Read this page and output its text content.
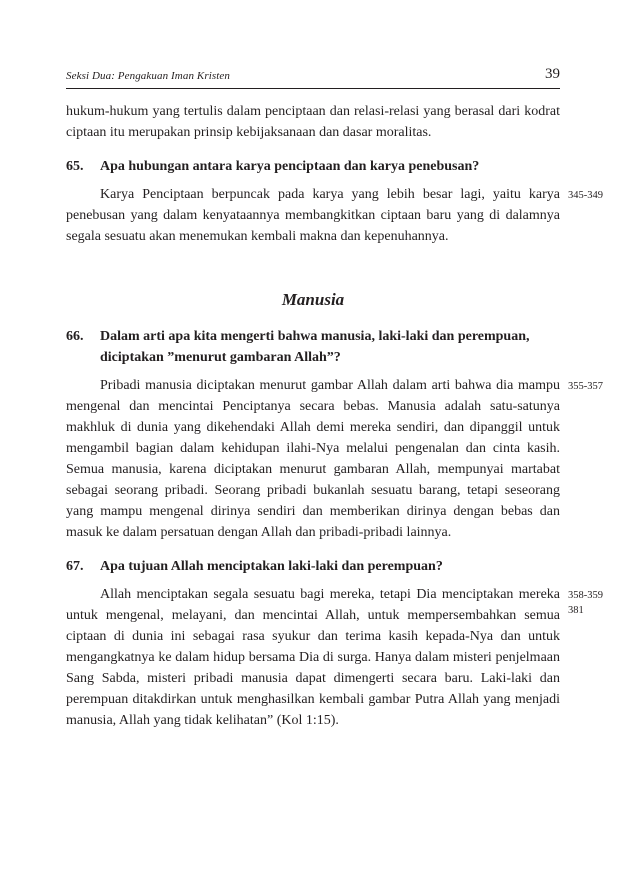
Seksi Dua: Pengakuan Iman Kristen	39

hukum-hukum yang tertulis dalam penciptaan dan relasi-relasi yang berasal dari kodrat ciptaan itu merupakan prinsip kebijaksanaan dan dasar moralitas.

65. Apa hubungan antara karya penciptaan dan karya penebusan?

Karya Penciptaan berpuncak pada karya yang lebih besar lagi, yaitu karya penebusan yang dalam kenyataannya membangkitkan ciptaan baru yang di dalamnya segala sesuatu akan menemukan kembali makna dan kepenuhannya.

345-349
Manusia
66. Dalam arti apa kita mengerti bahwa manusia, laki-laki dan perempuan, diciptakan ”menurut gambaran Allah”?

Pribadi manusia diciptakan menurut gambar Allah dalam arti bahwa dia mampu mengenal dan mencintai Penciptanya secara bebas. Manusia adalah satu-satunya makhluk di dunia yang dikehendaki Allah demi mereka sendiri, dan dipanggil untuk mengambil bagian dalam kehidupan ilahi-Nya melalui pengenalan dan cinta kasih. Semua manusia, karena diciptakan menurut gambaran Allah, mempunyai martabat sebagai seorang pribadi. Seorang pribadi bukanlah sesuatu barang, tetapi seseorang yang mampu mengenal dirinya sendiri dan memberikan dirinya dengan bebas dan masuk ke dalam persatuan dengan Allah dan pribadi-pribadi lainnya.

355-357
67. Apa tujuan Allah menciptakan laki-laki dan perempuan?

Allah menciptakan segala sesuatu bagi mereka, tetapi Dia menciptakan mereka untuk mengenal, melayani, dan mencintai Allah, untuk mempersembahkan semua ciptaan di dunia ini sebagai rasa syukur dan terima kasih kepada-Nya dan untuk mengangkatnya ke dalam hidup bersama Dia di surga. Hanya dalam misteri penjelmaan Sang Sabda, misteri pribadi manusia dapat dimengerti secara baru. Laki-laki dan perempuan ditakdirkan untuk menghasilkan kembali gambar Putra Allah yang menjadi manusia, Allah yang tidak kelihatan” (Kol 1:15).

358-359
381
